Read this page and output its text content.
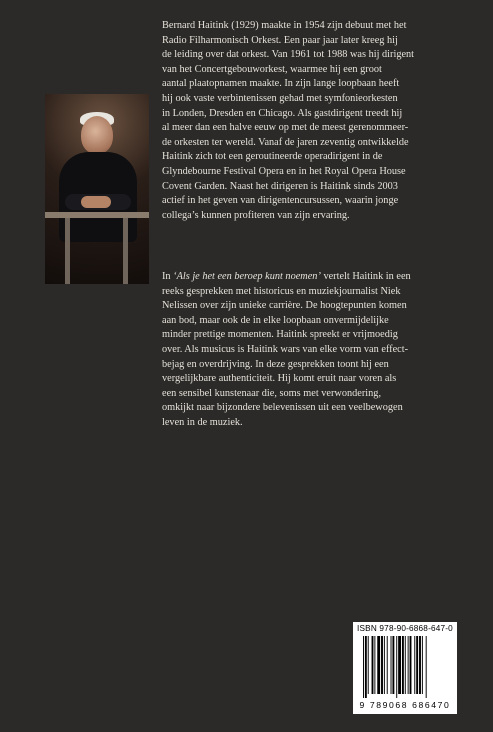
Bernard Haitink (1929) maakte in 1954 zijn debuut met het
Radio Filharmonisch Orkest. Een paar jaar later kreeg hij
de leiding over dat orkest. Van 1961 tot 1988 was hij dirigent
van het Concertgebouworkest, waarmee hij een groot
aantal plaatopnamen maakte. In zijn lange loopbaan heeft
hij ook vaste verbintenissen gehad met symfonieorkesten
in Londen, Dresden en Chicago. Als gastdirigent treedt hij
al meer dan een halve eeuw op met de meest gerenommeer-
de orkesten ter wereld. Vanaf de jaren zeventig ontwikkelde
Haitink zich tot een geroutineerde operadirigent in de
Glyndebourne Festival Opera en in het Royal Opera House
Covent Garden. Naast het dirigeren is Haitink sinds 2003
actief in het geven van dirigentencursussen, waarin jonge
collega’s kunnen profiteren van zijn ervaring.

In ‘Als je het een beroep kunt noemen’ vertelt Haitink in een
reeks gesprekken met historicus en muziekjournalist Niek
Nelissen over zijn unieke carrière. De hoogtepunten komen
aan bod, maar ook de in elke loopbaan onvermijdelijke
minder prettige momenten. Haitink spreekt er vrijmoedig
over. Als musicus is Haitink wars van elke vorm van effect-
bejag en overdrijving. In deze gesprekken toont hij een
vergelijkbare authenticiteit. Hij komt eruit naar voren als
een sensibel kunstenaar die, soms met verwondering,
omkijkt naar bijzondere belevenissen uit een veelbewogen
leven in de muziek.

ISBN 978-90-6868-647-0
9 789068 686470
